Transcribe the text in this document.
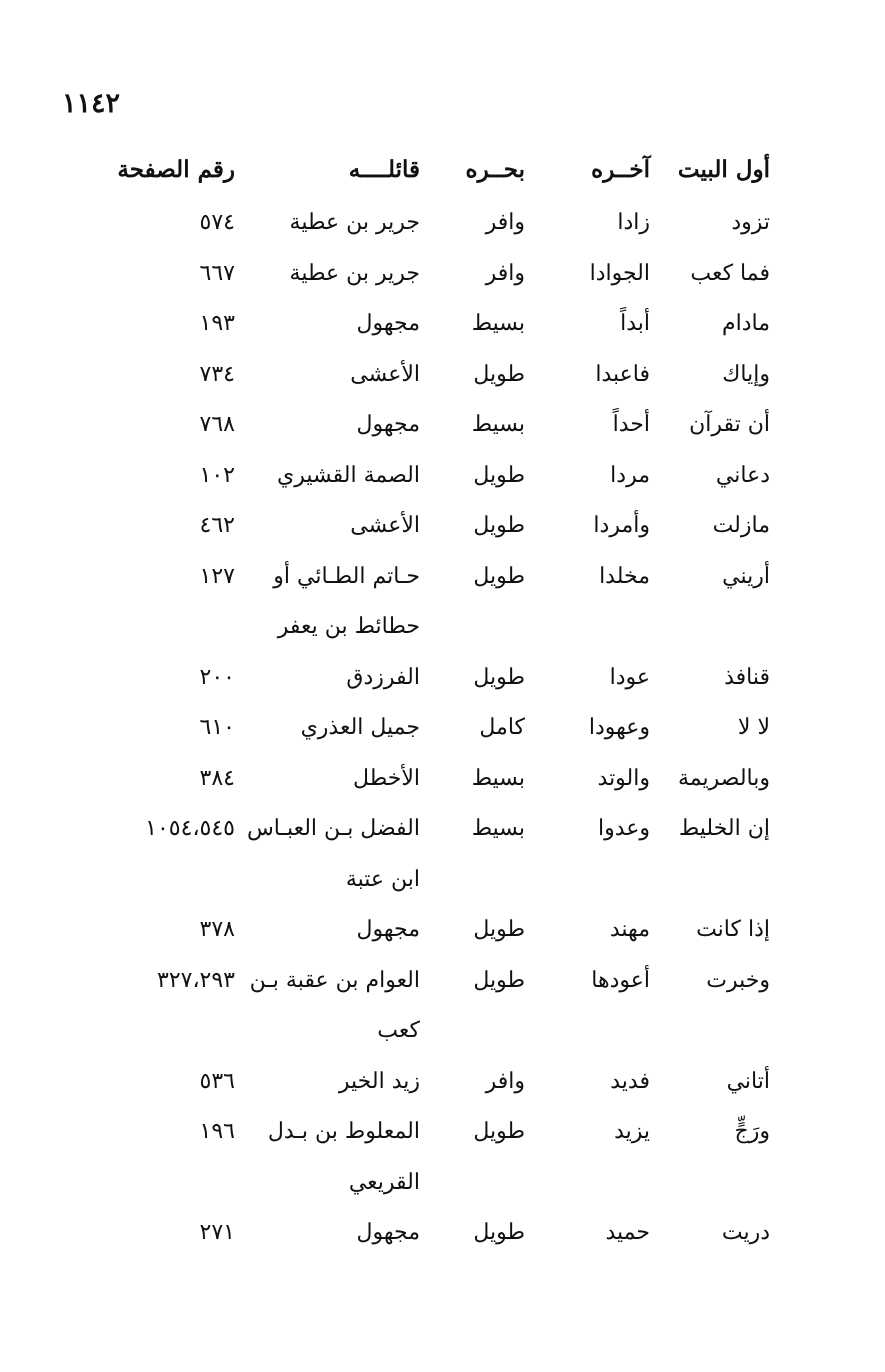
١١٤٢
أول البيت
آخــره
بحــره
قائلــــه
رقم الصفحة
تزود
زادا
وافر
جرير بن عطية
٥٧٤
فما كعب
الجوادا
وافر
جرير بن عطية
٦٦٧
مادام
أبداً
بسيط
مجهول
١٩٣
وإياك
فاعبدا
طويل
الأعشى
٧٣٤
أن تقرآن
أحداً
بسيط
مجهول
٧٦٨
دعاني
مردا
طويل
الصمة القشيري
١٠٢
مازلت
وأمردا
طويل
الأعشى
٤٦٢
أريني
مخلدا
طويل
حـاتم الطـائي أو
١٢٧
حطائط بن يعفر
قنافذ
عودا
طويل
الفرزدق
٢٠٠
لا لا
وعهودا
كامل
جميل العذري
٦١٠
وبالصريمة
والوتد
بسيط
الأخطل
٣٨٤
إن الخليط
وعدوا
بسيط
الفضل بـن العبـاس
١٠٥٤،٥٤٥
ابن عتبة
إذا كانت
مهند
طويل
مجهول
٣٧٨
وخبرت
أعودها
طويل
العوام بن عقبة بـن
٣٢٧،٢٩٣
كعب
أتاني
فديد
وافر
زيد الخير
٥٣٦
ورَجٍّ
يزيد
طويل
المعلوط بن بـدل
١٩٦
القريعي
دريت
حميد
طويل
مجهول
٢٧١
